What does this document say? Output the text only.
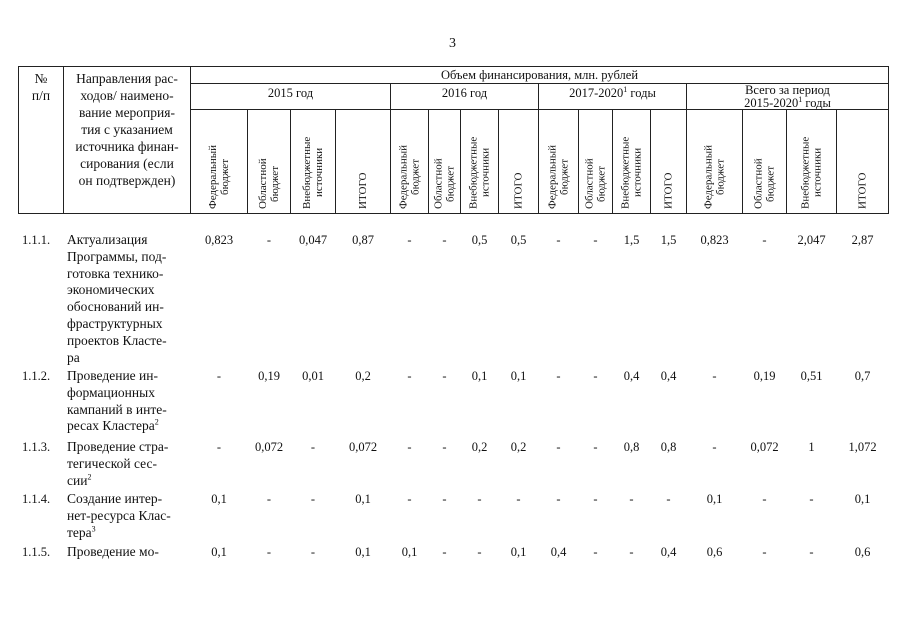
3
№
п/п
Направления рас-
ходов/ наименo-
вание мероприя-
тия с указанием
источника финан-
сирования (если
он подтвержден)
Объем финансирования, млн. рублей
2015 год	2016 год	2017-2020$^1$ годы	Всего за период
2015-2020$^1$ годы
Федеральный
бюджет	Областной
бюджет	Внебюджетные
источники	ИТОГО	Федеральный
бюджет	Областной
бюджет	Внебюджетные
источники	ИТОГО	Федеральный
бюджет	Областной
бюджет	Внебюджетные
источники	ИТОГО	Федеральный
бюджет	Областной
бюджет	Внебюджетные
источники	ИТОГО
1.1.1. Актуализация
Программы, под-
готовка технико-
экономических
обоснований ин-
фраструктурных
проектов Класте-
ра
0,823	-	0,047	0,87	-	-	0,5	0,5	-	-	1,5	1,5	0,823	-	2,047	2,87
1.1.2. Проведение ин-
формационных
кампаний в инте-
ресах Кластера$^2$
-	0,19	0,01	0,2	-	-	0,1	0,1	-	-	0,4	0,4	-	0,19	0,51	0,7
1.1.3. Проведение стра-
тегической сес-
сии$^2$
-	0,072	-	0,072	-	-	0,2	0,2	-	-	0,8	0,8	-	0,072	1	1,072
1.1.4. Создание интер-
нет-ресурса Клас-
тера$^3$
0,1	-	-	0,1	-	-	-	-	-	-	-	-	0,1	-	-	0,1
1.1.5. Проведение мо-	0,1	-	-	0,1	0,1	-	-	0,1	0,4	-	-	0,4	0,6	-	-	0,6
